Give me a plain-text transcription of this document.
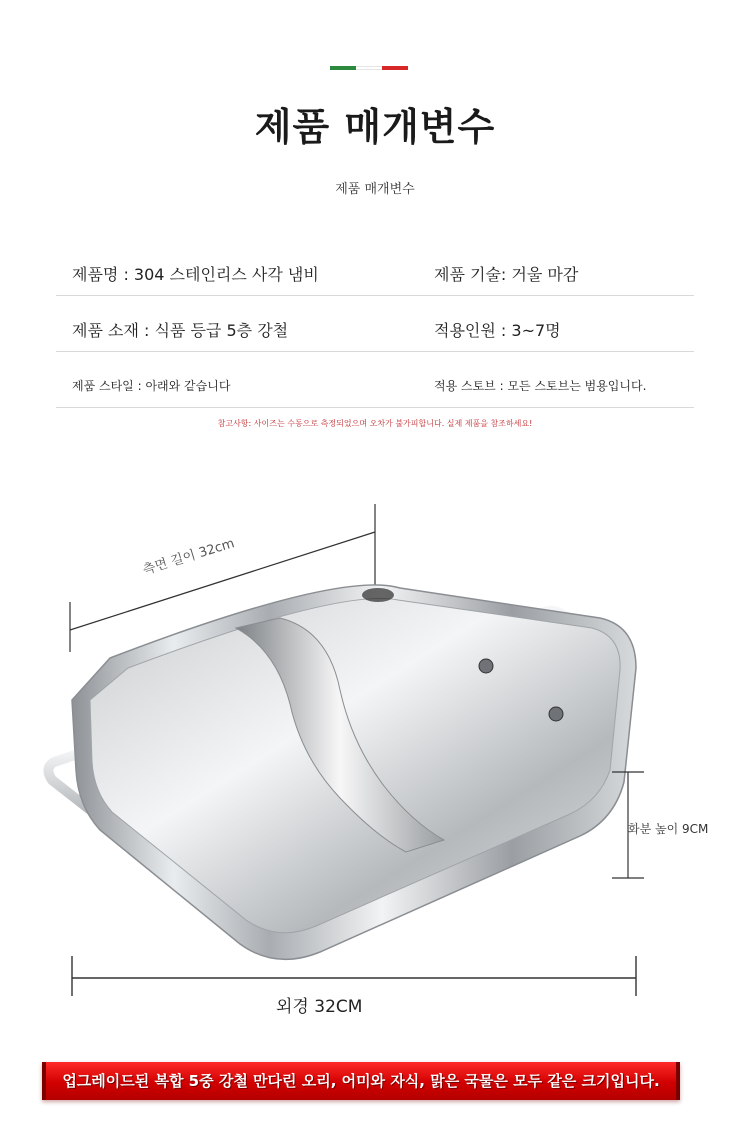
제품 매개변수
제품 매개변수
제품명 : 304 스테인리스 사각 냄비	제품 기술: 거울 마감
제품 소재 : 식품 등급 5층 강철	적용인원 : 3~7명
제품 스타일 : 아래와 같습니다	적용 스토브 : 모든 스토브는 범용입니다.
참고사항: 사이즈는 수동으로 측정되었으며 오차가 불가피합니다. 실제 제품을 참조하세요!
측면 길이 32cm
화분 높이 9CM
외경 32CM
업그레이드된 복합 5중 강철 만다린 오리, 어미와 자식, 맑은 국물은 모두 같은 크기입니다.
